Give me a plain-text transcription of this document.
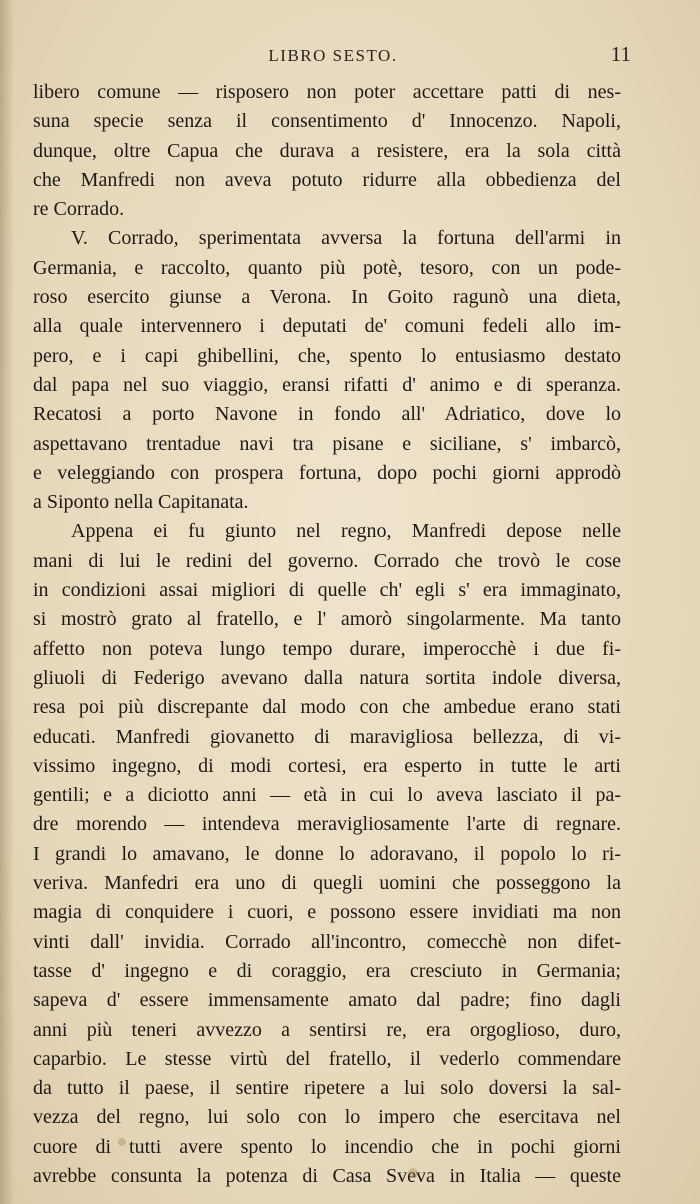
LIBRO SESTO.	11
libero comune — risposero non poter accettare patti di nes-
suna specie senza il consentimento d' Innocenzo. Napoli,
dunque, oltre Capua che durava a resistere, era la sola città
che Manfredi non aveva potuto ridurre alla obbedienza del
re Corrado.
V. Corrado, sperimentata avversa la fortuna dell'armi in
Germania, e raccolto, quanto più potè, tesoro, con un pode-
roso esercito giunse a Verona. In Goito ragunò una dieta,
alla quale intervennero i deputati de' comuni fedeli allo im-
pero, e i capi ghibellini, che, spento lo entusiasmo destato
dal papa nel suo viaggio, eransi rifatti d' animo e di speranza.
Recatosi a porto Navone in fondo all' Adriatico, dove lo
aspettavano trentadue navi tra pisane e siciliane, s' imbarcò,
e veleggiando con prospera fortuna, dopo pochi giorni approdò
a Siponto nella Capitanata.
Appena ei fu giunto nel regno, Manfredi depose nelle
mani di lui le redini del governo. Corrado che trovò le cose
in condizioni assai migliori di quelle ch' egli s' era immaginato,
si mostrò grato al fratello, e l' amorò singolarmente. Ma tanto
affetto non poteva lungo tempo durare, imperocchè i due fi-
gliuoli di Federigo avevano dalla natura sortita indole diversa,
resa poi più discrepante dal modo con che ambedue erano stati
educati. Manfredi giovanetto di maravigliosa bellezza, di vi-
vissimo ingegno, di modi cortesi, era esperto in tutte le arti
gentili; e a diciotto anni — età in cui lo aveva lasciato il pa-
dre morendo — intendeva meravigliosamente l'arte di regnare.
I grandi lo amavano, le donne lo adoravano, il popolo lo ri-
veriva. Manfedri era uno di quegli uomini che posseggono la
magia di conquidere i cuori, e possono essere invidiati ma non
vinti dall' invidia. Corrado all'incontro, comecchè non difet-
tasse d' ingegno e di coraggio, era cresciuto in Germania;
sapeva d' essere immensamente amato dal padre; fino dagli
anni più teneri avvezzo a sentirsi re, era orgoglioso, duro,
caparbio. Le stesse virtù del fratello, il vederlo commendare
da tutto il paese, il sentire ripetere a lui solo doversi la sal-
vezza del regno, lui solo con lo impero che esercitava nel
cuore di tutti avere spento lo incendio che in pochi giorni
avrebbe consunta la potenza di Casa Sveva in Italia — queste
